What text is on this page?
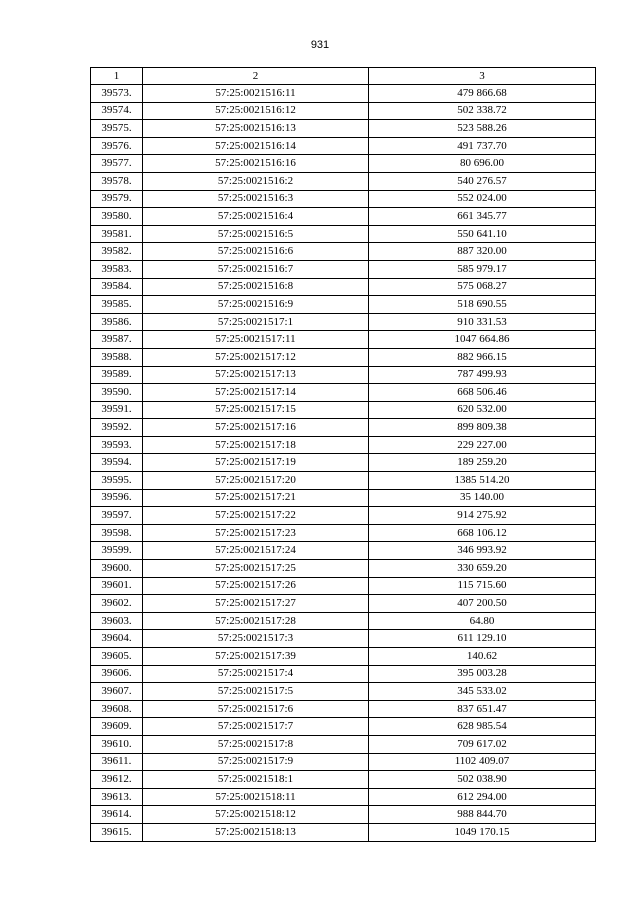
931
1	2	3
39573.	57:25:0021516:11	479 866.68
39574.	57:25:0021516:12	502 338.72
39575.	57:25:0021516:13	523 588.26
39576.	57:25:0021516:14	491 737.70
39577.	57:25:0021516:16	80 696.00
39578.	57:25:0021516:2	540 276.57
39579.	57:25:0021516:3	552 024.00
39580.	57:25:0021516:4	661 345.77
39581.	57:25:0021516:5	550 641.10
39582.	57:25:0021516:6	887 320.00
39583.	57:25:0021516:7	585 979.17
39584.	57:25:0021516:8	575 068.27
39585.	57:25:0021516:9	518 690.55
39586.	57:25:0021517:1	910 331.53
39587.	57:25:0021517:11	1047 664.86
39588.	57:25:0021517:12	882 966.15
39589.	57:25:0021517:13	787 499.93
39590.	57:25:0021517:14	668 506.46
39591.	57:25:0021517:15	620 532.00
39592.	57:25:0021517:16	899 809.38
39593.	57:25:0021517:18	229 227.00
39594.	57:25:0021517:19	189 259.20
39595.	57:25:0021517:20	1385 514.20
39596.	57:25:0021517:21	35 140.00
39597.	57:25:0021517:22	914 275.92
39598.	57:25:0021517:23	668 106.12
39599.	57:25:0021517:24	346 993.92
39600.	57:25:0021517:25	330 659.20
39601.	57:25:0021517:26	115 715.60
39602.	57:25:0021517:27	407 200.50
39603.	57:25:0021517:28	64.80
39604.	57:25:0021517:3	611 129.10
39605.	57:25:0021517:39	140.62
39606.	57:25:0021517:4	395 003.28
39607.	57:25:0021517:5	345 533.02
39608.	57:25:0021517:6	837 651.47
39609.	57:25:0021517:7	628 985.54
39610.	57:25:0021517:8	709 617.02
39611.	57:25:0021517:9	1102 409.07
39612.	57:25:0021518:1	502 038.90
39613.	57:25:0021518:11	612 294.00
39614.	57:25:0021518:12	988 844.70
39615.	57:25:0021518:13	1049 170.15
